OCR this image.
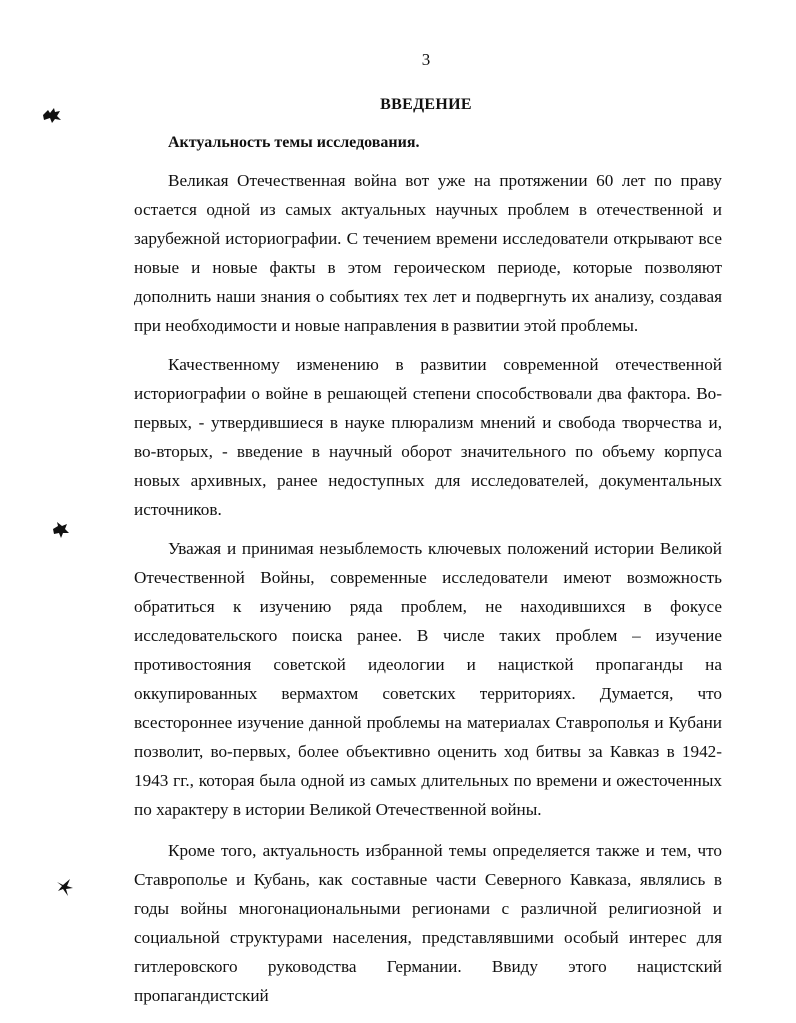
3
ВВЕДЕНИЕ
Актуальность темы исследования.

Великая Отечественная война вот уже на протяжении 60 лет по праву остается одной из самых актуальных научных проблем в отечественной и зарубежной историографии. С течением времени исследователи открывают все новые и новые факты в этом героическом периоде, которые позволяют дополнить наши знания о событиях тех лет и подвергнуть их анализу, создавая при необходимости и новые направления в развитии этой проблемы.

Качественному изменению в развитии современной отечественной историографии о войне в решающей степени способствовали два фактора. Во-первых, - утвердившиеся в науке плюрализм мнений и свобода творчества и, во-вторых, - введение в научный оборот значительного по объему корпуса новых архивных, ранее недоступных для исследователей, документальных источников.

Уважая и принимая незыблемость ключевых положений истории Великой Отечественной Войны, современные исследователи имеют возможность обратиться к изучению ряда проблем, не находившихся в фокусе исследовательского поиска ранее. В числе таких проблем – изучение противостояния советской идеологии и нацисткой пропаганды на оккупированных вермахтом советских территориях. Думается, что всестороннее изучение данной проблемы на материалах Ставрополья и Кубани позволит, во-первых, более объективно оценить ход битвы за Кавказ в 1942-1943 гг., которая была одной из самых длительных по времени и ожесточенных по характеру в истории Великой Отечественной войны.

Кроме того, актуальность избранной темы определяется также и тем, что Ставрополье и Кубань, как составные части Северного Кавказа, являлись в годы войны многонациональными регионами с различной религиозной и социальной структурами населения, представлявшими особый интерес для гитлеровского руководства Германии. Ввиду этого нацистский пропагандистский
